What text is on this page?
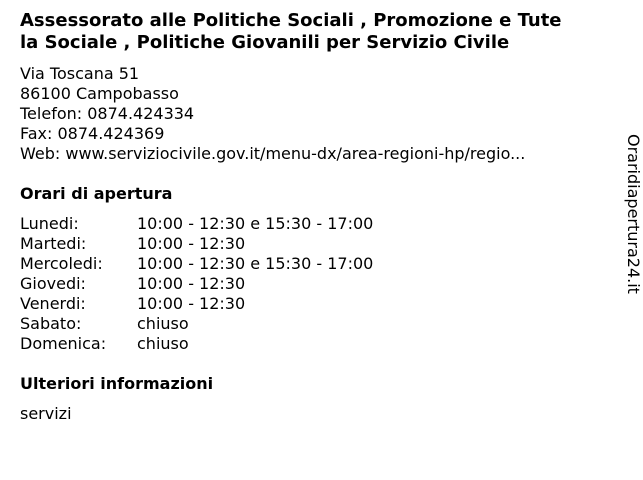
Assessorato alle Politiche Sociali , Promozione e Tute
la Sociale , Politiche Giovanili per Servizio Civile
Via Toscana 51
86100 Campobasso
Telefon: 0874.424334
Fax: 0874.424369
Web: www.serviziocivile.gov.it/menu-dx/area-regioni-hp/regio...
Orari di apertura
Lunedi:	10:00 - 12:30 e 15:30 - 17:00
Martedi:	10:00 - 12:30
Mercoledi:	10:00 - 12:30 e 15:30 - 17:00
Giovedi:	10:00 - 12:30
Venerdi:	10:00 - 12:30
Sabato:	chiuso
Domenica:	chiuso
Ulteriori informazioni
servizi
Oraridiapertura24.it
